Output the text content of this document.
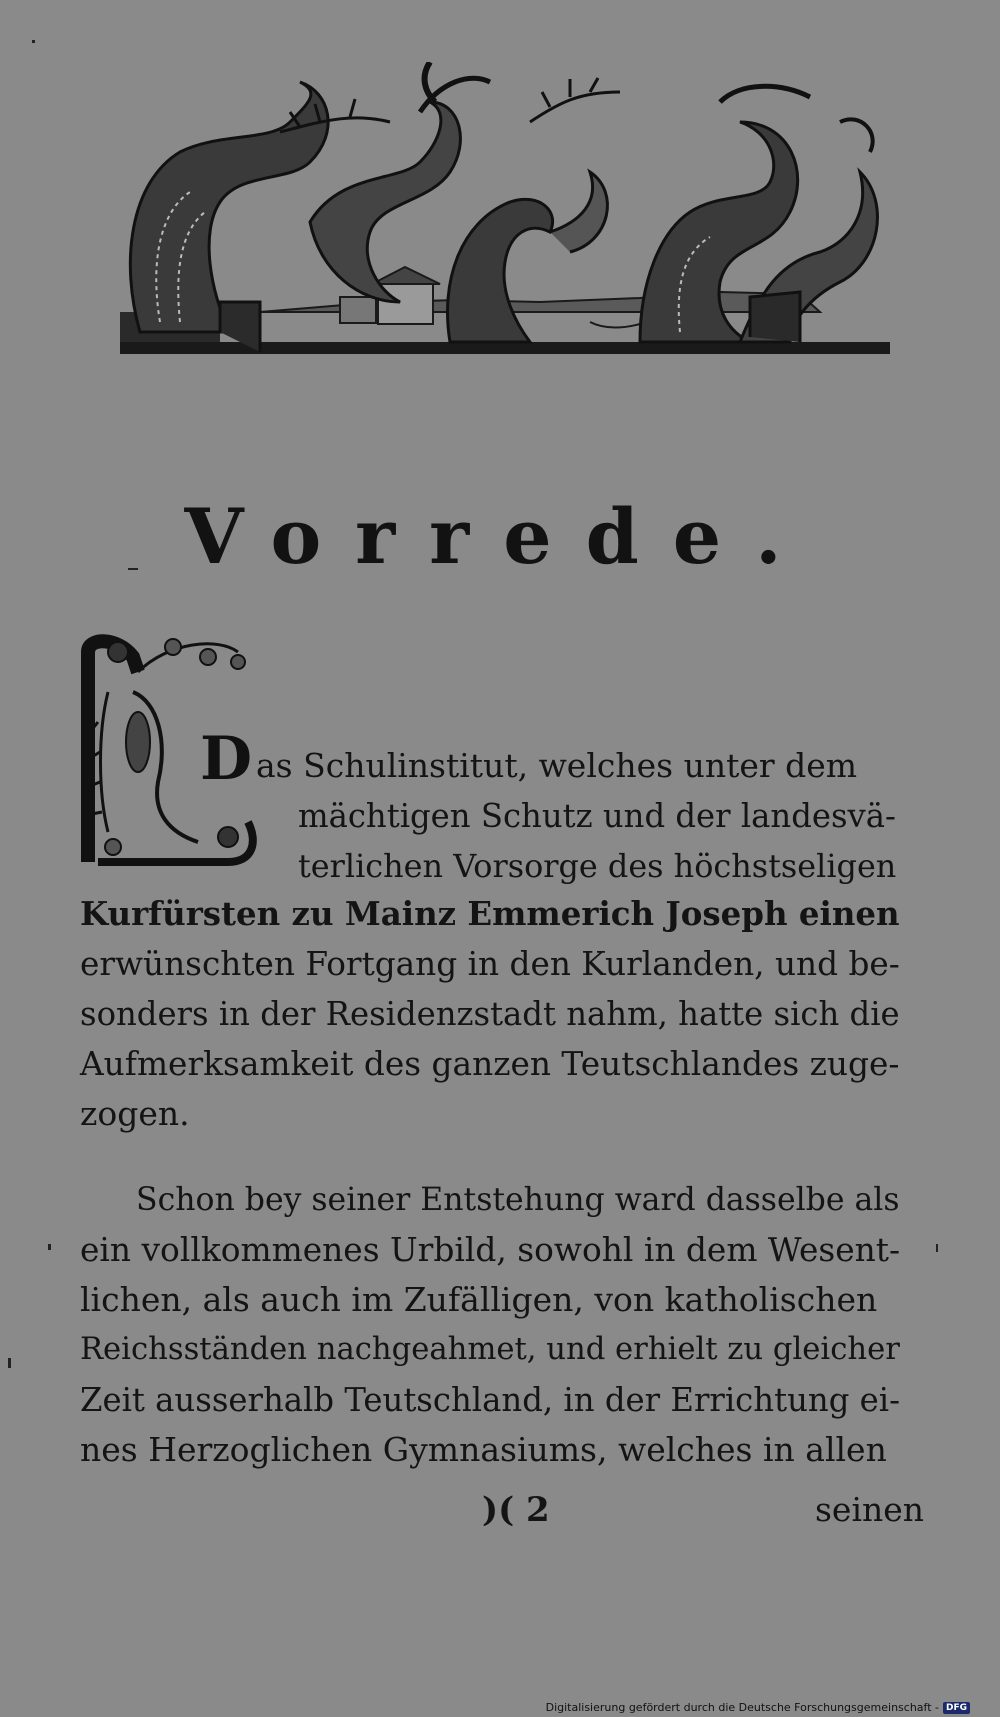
Vorrede.
D as Schulinstitut, welches unter dem
mächtigen Schutz und der landesvä-
terlichen Vorsorge des höchstseligen
Kurfürsten zu Mainz Emmerich Joseph einen
erwünschten Fortgang in den Kurlanden, und be-
sonders in der Residenzstadt nahm, hatte sich die
Aufmerksamkeit des ganzen Teutschlandes zuge-
zogen.
Schon bey seiner Entstehung ward dasselbe als
ein vollkommenes Urbild, sowohl in dem Wesent-
lichen, als auch im Zufälligen, von katholischen
Reichsständen nachgeahmet, und erhielt zu gleicher
Zeit ausserhalb Teutschland, in der Errichtung ei-
nes Herzoglichen Gymnasiums, welches in allen
)( 2	seinen
Digitalisierung gefördert durch die Deutsche Forschungsgemeinschaft - DFG
